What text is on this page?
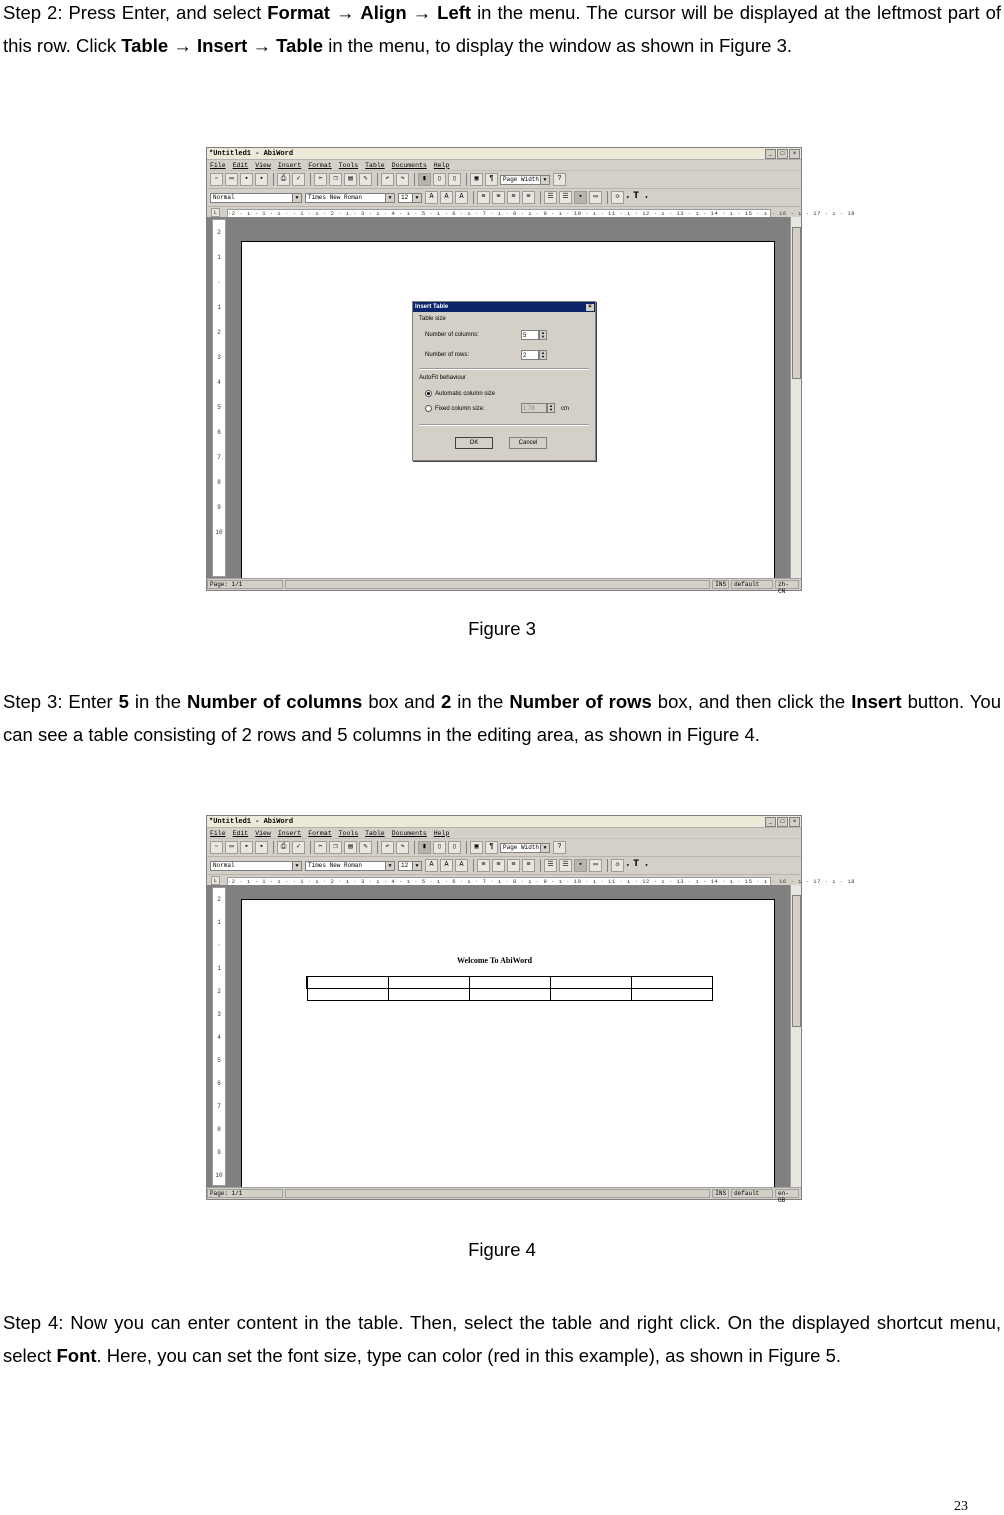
Step 2: Press Enter, and select Format → Align → Left in the menu. The cursor will be displayed at the leftmost part of this row. Click Table → Insert → Table in the menu, to display the window as shown in Figure 3.
*Untitled1 - AbiWord	_	□	×
File Edit View Insert Format Tools Table Documents Help
▫	▭	▪	▪	⎙	✓	✂	❐	▤	✎	↶	↷	▮	▯	▯	▣	¶	Page Width ▼	?
Normal	▼	Times New Roman	▼	12	▼	A	A	A	≡	≡	≡	≡	☰	☰	▪	▭	◇	▾ T ▾
L	·2 · ı · 1 · ı · · 1 · ı · 2 · ı · 3 · ı · 4 · ı · 5 · ı · 6 · ı · 7 · ı · 8 · ı · 9 · ı · 10 · ı · 11 · ı · 12 · ı · 13 · ı · 14 · ı · 15 · ı · 16 · ı · 17 · ı · 18
2
1
·
1
2
3
4
5
6
7
8
9
10
Insert Table	×
Table size
Number of columns:	5
▲
▼
Number of rows:	2
▲
▼
AutoFit behaviour
Automatic column size
Fixed column size:	1.78
▲
▼	cm
OK	Cancel
Page: 1/1	INS	default	zh-CN
Figure 3
Step 3: Enter 5 in the Number of columns box and 2 in the Number of rows box, and then click the Insert button. You can see a table consisting of 2 rows and 5 columns in the editing area, as shown in Figure 4.
*Untitled1 - AbiWord	_	□	×
File Edit View Insert Format Tools Table Documents Help
▫	▭	▪	▪	⎙	✓	✂	❐	▤	✎	↶	↷	▮	▯	▯	▣	¶	Page Width ▼	?
Normal	▼	Times New Roman	▼	12	▼	A	A	A	≡	≡	≡	≡	☰	☰	▪	▭	◇	▾ T ▾
L	·2 · ı · 1 · ı · · 1 · ı · 2 · ı · 3 · ı · 4 · ı · 5 · ı · 6 · ı · 7 · ı · 8 · ı · 9 · ı · 10 · ı · 11 · ı · 12 · ı · 13 · ı · 14 · ı · 15 · ı · 16 · ı · 17 · ı · 18
2
1
·
1
2
3
4
5
6
7
8
9
10
Welcome To AbiWord

Page: 1/1	INS	default	en-GB
Figure 4
Step 4: Now you can enter content in the table. Then, select the table and right click. On the displayed shortcut menu, select Font. Here, you can set the font size, type can color (red in this example), as shown in Figure 5.
23
